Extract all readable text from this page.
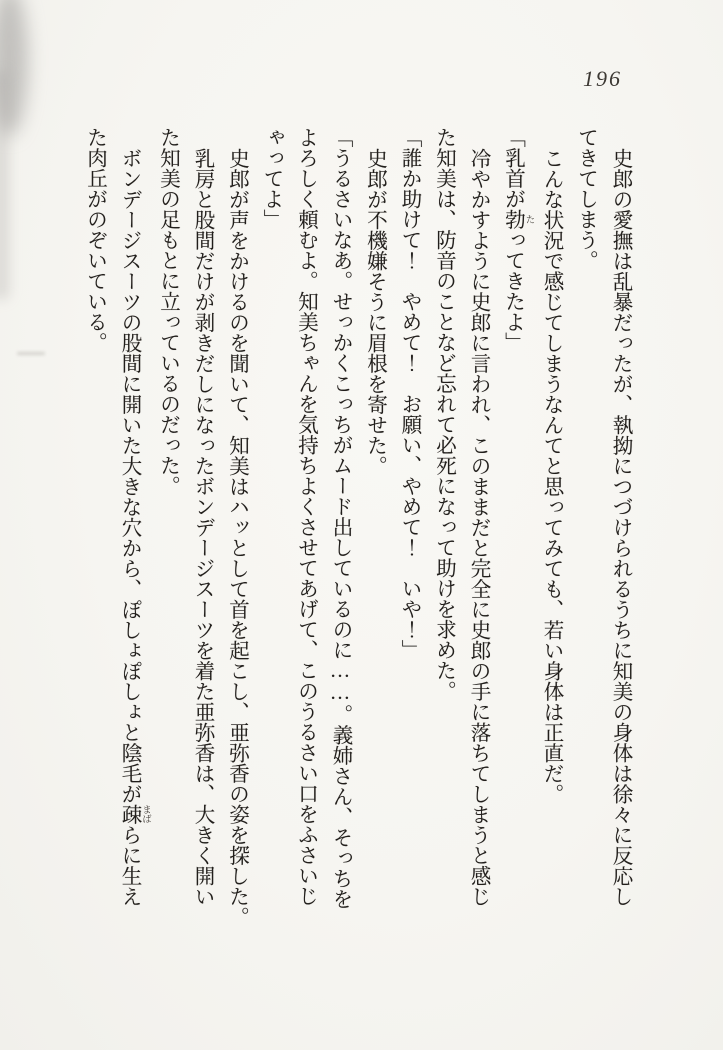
196
史郎の愛撫は乱暴だったが、執拗につづけられるうちに知美の身体は徐々に反応し
てきてしまう。
こんな状況で感じてしまうなんてと思ってみても、若い身体は正直だ。
「乳首が勃 たってきたよ」
冷やかすように史郎に言われ、このままだと完全に史郎の手に落ちてしまうと感じ
た知美は、防音のことなど忘れて必死になって助けを求めた。
「誰か助けて！　やめて！　お願い、やめて！　いや！」
史郎が不機嫌そうに眉根を寄せた。
「うるさいなあ。せっかくこっちがムード出しているのに……。義姉さん、そっちを
よろしく頼むよ。知美ちゃんを気持ちよくさせてあげて、このうるさい口をふさいじ
ゃってよ」
史郎が声をかけるのを聞いて、知美はハッとして首を起こし、亜弥香の姿を探した。
乳房と股間だけが剥きだしになったボンデージスーツを着た亜弥香は、大きく開い
た知美の足もとに立っているのだった。
ボンデージスーツの股間に開いた大きな穴から、ぽしょぽしょと陰毛が疎 まばらに生え
た肉丘がのぞいている。
